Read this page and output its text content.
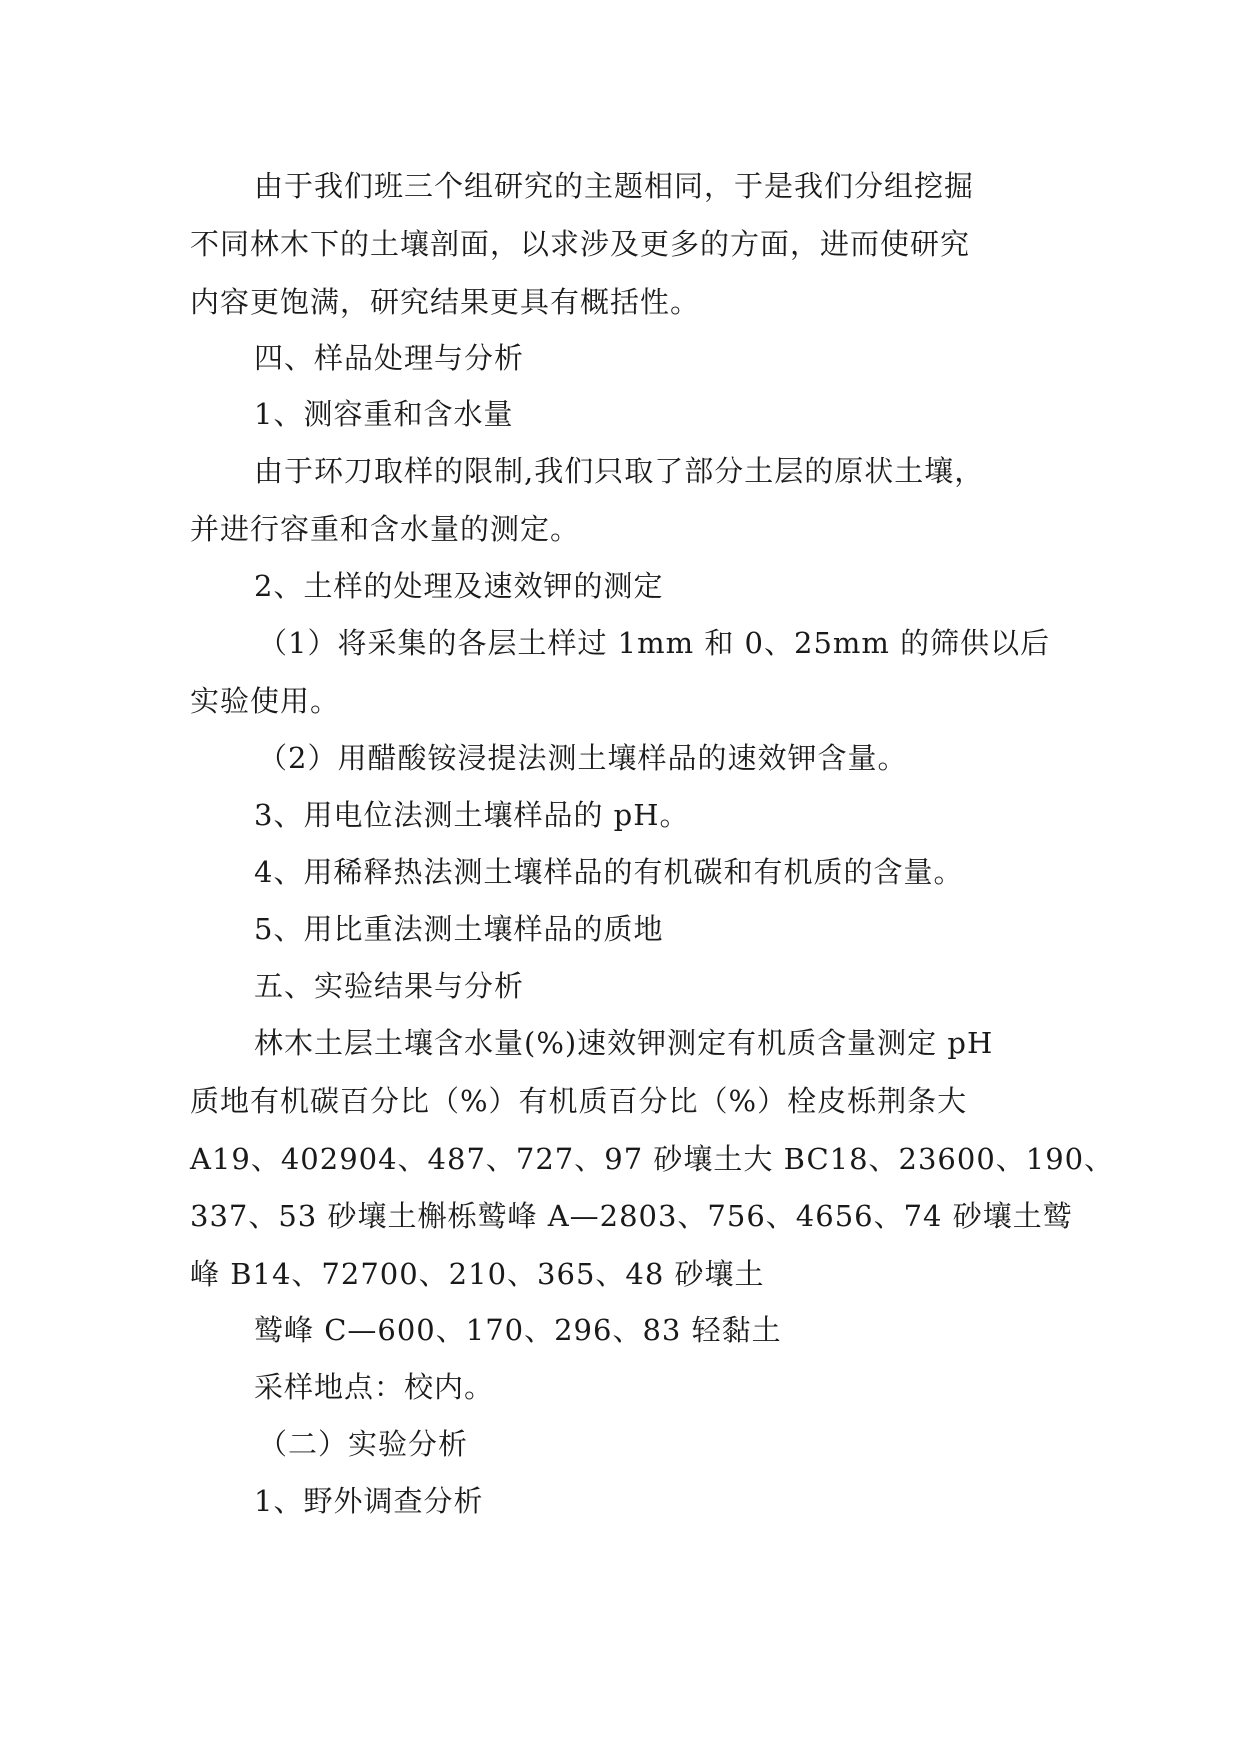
由于我们班三个组研究的主题相同，于是我们分组挖掘
不同林木下的土壤剖面，以求涉及更多的方面，进而使研究
内容更饱满，研究结果更具有概括性。
四、样品处理与分析
1、测容重和含水量
由于环刀取样的限制,我们只取了部分土层的原状土壤，
并进行容重和含水量的测定。
2、土样的处理及速效钾的测定
（1）将采集的各层土样过 1mm 和 0、25mm 的筛供以后
实验使用。
（2）用醋酸铵浸提法测土壤样品的速效钾含量。
3、用电位法测土壤样品的 pH。
4、用稀释热法测土壤样品的有机碳和有机质的含量。
5、用比重法测土壤样品的质地
五、实验结果与分析
林木土层土壤含水量(%)速效钾测定有机质含量测定 pH
质地有机碳百分比（%）有机质百分比（%）栓皮栎荆条大
A19、402904、487、727、97 砂壤土大 BC18、23600、190、
337、53 砂壤土槲栎鹫峰 A—2803、756、4656、74 砂壤土鹫
峰 B14、72700、210、365、48 砂壤土
鹫峰 C—600、170、296、83 轻黏土
采样地点：校内。
（二）实验分析
1、野外调查分析
